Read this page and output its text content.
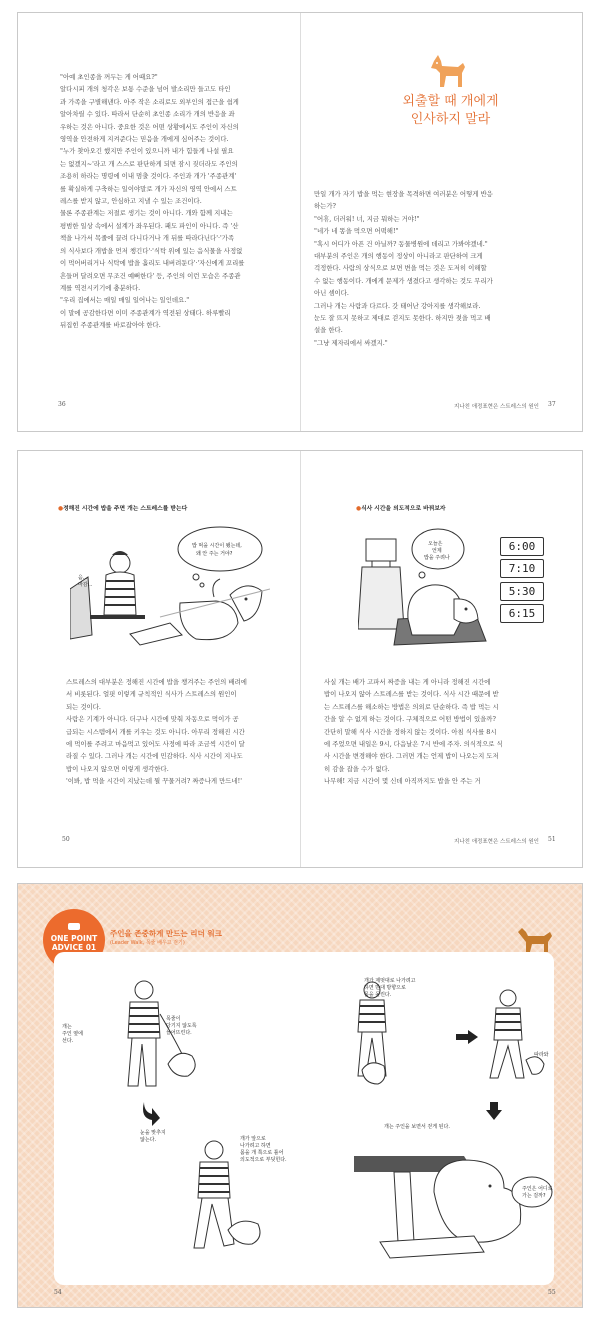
"아예 초인종을 꺼두는 게 어때요?"

알다시피 개의 청각은 보통 수준을 넘어 발소리만 들고도 타인

과 가족을 구별해낸다. 아주 작은 소리로도 외부인의 접근을 쉽게

알아차릴 수 있다. 따라서 단순히 초인종 소리가 개의 반응을 좌

우하는 것은 아니다. 중요한 것은 어떤 상황에서도 주인이 자신의

영역을 안전하게 지켜준다는 믿음을 개에게 심어주는 것이다.

"누가 찾아오긴 했지만 주인이 있으니까 내가 힘들게 나설 필요

는 없겠지~'라고 개 스스로 판단하게 되면 잠시 짖더라도 주인의

조용히 하라는 명령에 이내 멈출 것이다. 주인과 개가 '주종관계'

를 확실하게 구축하는 일이야말로 개가 자신의 영역 안에서 스트

레스를 받지 않고, 안심하고 지낼 수 있는 조건이다.

물론 주종관계는 저절로 생기는 것이 아니다. 개와 함께 지내는

평범한 일상 속에서 설계가 좌우된다. 패도 파인이 아니다. 즉 '산

책을 나가서 목줄에 끌려 다니다거나 개 뒤를 따라다닌다'·'가족

의 식사보다 개밥을 먼저 챙긴다'·'식탁 위에 있는 음식물을 사정없

이 먹어버리거나 식탁에 밥을 흘리도 내버려둔다'·'자신에게 꼬리를

흔들며 달려오면 무조건 예뻐한다' 등, 주인의 이런 모습은 주종관

계를 역전시키기에 충분하다.

"우리 집에서는 매일 매일 일어나는 일인데요."

이 말에 공감한다면 이미 주종관계가 역전된 상태다. 하루빨리

뒤집힌 주종관계를 바로잡아야 한다.

외출할 때 개에게
인사하지 말라

만일 개가 자기 밥을 먹는 현장을 목격하면 여러분은 어떻게 반응

하는가?

"어휴, 더러워! 너, 지금 뭐하는 거야!"

"네가 네 똥을 먹으면 어떡해!"

"혹시 어디가 아픈 건 아닐까? 동물병원에 데리고 가봐야겠네."

대부분의 주인은 개의 행동이 정상이 아니라고 판단하여 크게

걱정한다. 사람의 상식으로 보면 변을 먹는 것은 도저히 이해할

수 없는 행동이다. 개에게 문제가 생겼다고 생각하는 것도 무리가

아닌 셈이다.

그러나 개는 사람과 다르다. 갓 태어난 강아지를 생각해보라.

눈도 잘 뜨지 못하고 제대로 걷지도 못한다. 하지만 젖을 먹고 배

설을 한다.

"그냥 제자리에서 싸겠지."

36	지나친 애정표현은 스트레스의 원인 37
●정해진 시간에 밥을 주면 개는 스트레스를 받는다	●식사 시간을 의도적으로 바꿔보자
음...
마감...
밥 먹을 시간이 됐는데,
왜 안 주는 거야?
오늘은
언제
밥을 주려나
6:00
7:10
5:30
6:15

스트레스의 대부분은 정해진 시간에 밥을 챙겨주는 주인의 배려에

서 비롯된다. 얼핏 이렇게 규칙적인 식사가 스트레스의 원인이

되는 것이다.

사람은 기계가 아니다. 더구나 시간에 맞춰 자동으로 먹이가 공

급되는 시스템에서 개를 키우는 것도 아니다. 아무리 정해진 시간

에 먹이를 주려고 마음먹고 있어도 사정에 따라 조금씩 시간이 달

라질 수 있다. 그러나 개는 시간에 민감하다. 식사 시간이 지나도

밥이 나오지 않으면 이렇게 생각한다.

'이봐, 밥 먹을 시간이 지났는데 뭘 꾸물거려? 짜증나게 만드네!'

사실 개는 배가 고파서 짜증을 내는 게 아니라 정해진 시간에

밥이 나오지 않아 스트레스를 받는 것이다. 식사 시간 때문에 받

는 스트레스를 해소하는 방법은 의외로 단순하다. 즉 밥 먹는 시

간을 알 수 없게 하는 것이다. 구체적으로 어떤 방법이 있을까?

간단히 말해 식사 시간을 정하지 않는 것이다. 아침 식사를 8시

에 주었으면 내일은 9시, 다음날은 7시 반에 주자. 의식적으로 식

사 시간을 변경해야 한다. 그러면 개는 언제 밥이 나오는지 도저

히 감을 잡을 수가 없다.

나무해! 지금 시간이 몇 신데 아직까지도 밥을 안 주는 거

50	지나친 애정표현은 스트레스의 원인 51
ONE POINT
ADVICE 01
주인을 존중하게 만드는 리더 워크
(Leader Walk, 목줄 배우고 걷기)
개는
주인 옆에
선다.
목줄이
당기지 않도록
늘어뜨린다.
눈을 맞추지
않는다.	개가 앞으로
나가려고 하면
몸을 개 쪽으로 틀어
의도적으로 부딪힌다.
개가 제멋대로 나가려고
하면 반대 방향으로
몸을 돌린다.
개는 주인을 보면서 걷게 된다.
주인은 어디로
가는 걸까?
따라와
54	55
